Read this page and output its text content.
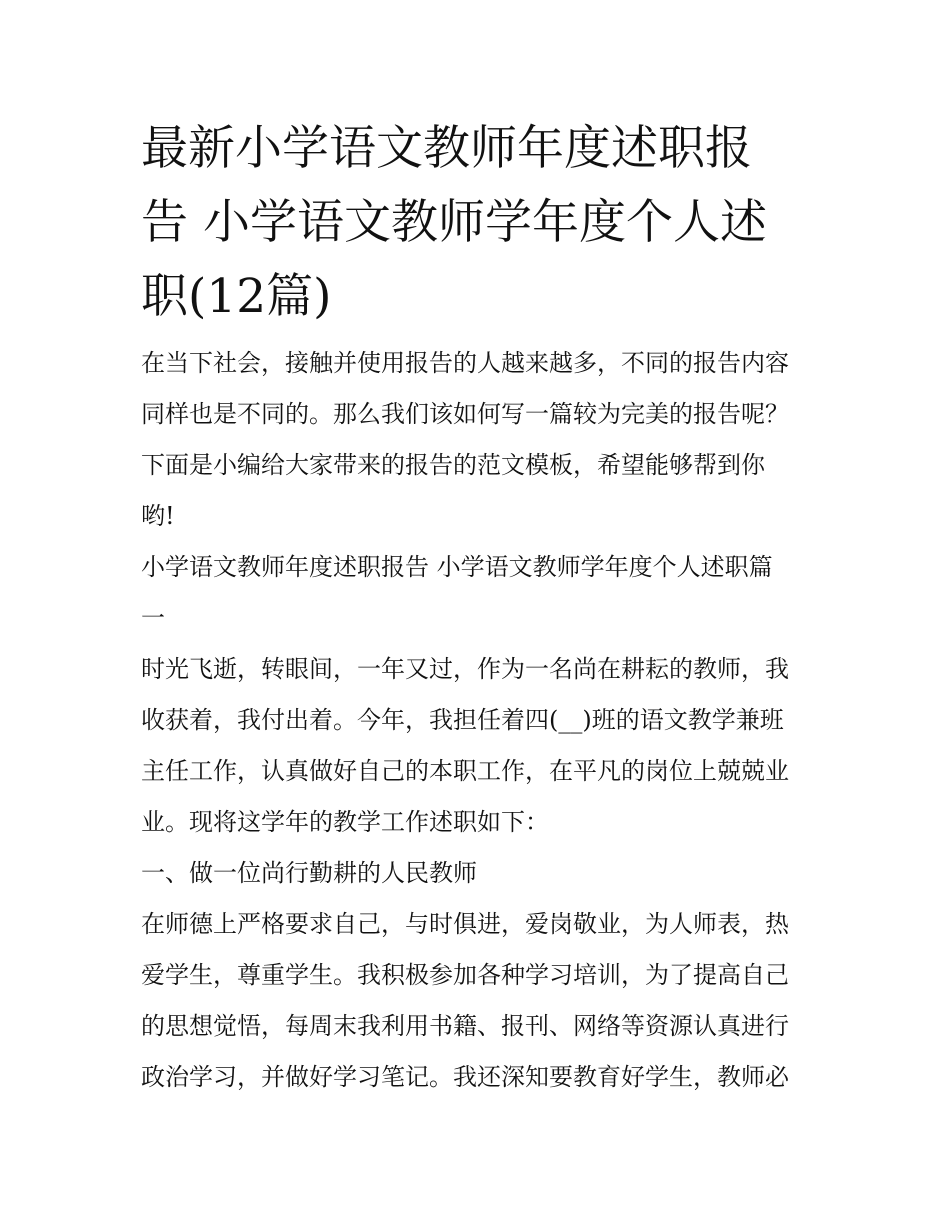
最新小学语文教师年度述职报
告 小学语文教师学年度个人述
职(12篇)

在当下社会，接触并使用报告的人越来越多，不同的报告内容
同样也是不同的。那么我们该如何写一篇较为完美的报告呢？
下面是小编给大家带来的报告的范文模板，希望能够帮到你
哟!

小学语文教师年度述职报告 小学语文教师学年度个人述职篇
一

时光飞逝，转眼间，一年又过，作为一名尚在耕耘的教师，我
收获着，我付出着。今年，我担任着四(__)班的语文教学兼班
主任工作，认真做好自己的本职工作，在平凡的岗位上兢兢业
业。现将这学年的教学工作述职如下：

一、做一位尚行勤耕的人民教师

在师德上严格要求自己，与时俱进，爱岗敬业，为人师表，热
爱学生，尊重学生。我积极参加各种学习培训，为了提高自己
的思想觉悟，每周末我利用书籍、报刊、网络等资源认真进行
政治学习，并做好学习笔记。我还深知要教育好学生，教师必
